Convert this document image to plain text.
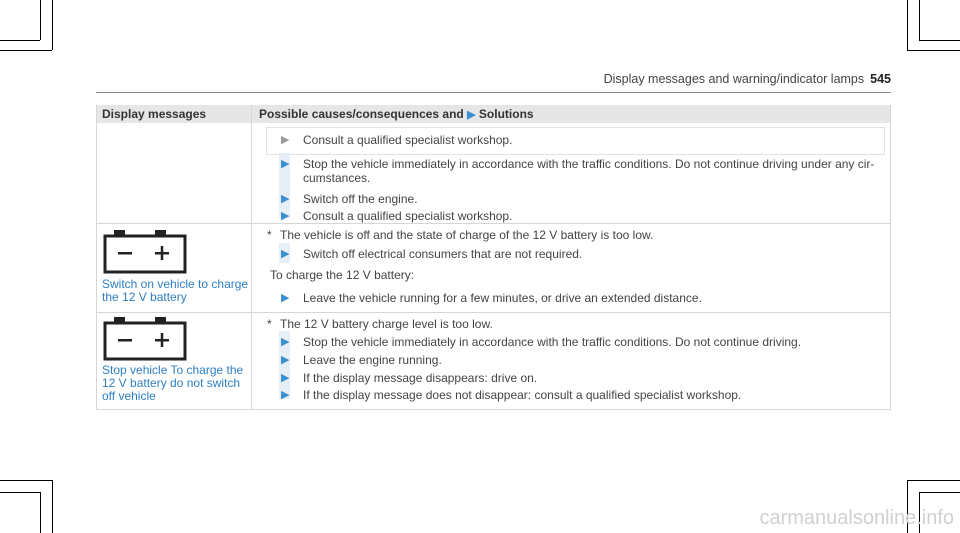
Display messages and warning/indicator lamps 545
Display messages	Possible causes/consequences and ▶ Solutions
▶ Consult a qualified specialist workshop.
▶ Stop the vehicle immediately in accordance with the traffic conditions. Do not continue driving under any cir-
cumstances.
▶ Switch off the engine.
▶ Consult a qualified specialist workshop.
Switch on vehicle to charge the 12 V battery
* The vehicle is off and the state of charge of the 12 V battery is too low.
▶ Switch off electrical consumers that are not required.
To charge the 12 V battery:
▶ Leave the vehicle running for a few minutes, or drive an extended distance.
Stop vehicle To charge the 12 V battery do not switch off vehicle
* The 12 V battery charge level is too low.
▶ Stop the vehicle immediately in accordance with the traffic conditions. Do not continue driving.
▶ Leave the engine running.
▶ If the display message disappears: drive on.
▶ If the display message does not disappear: consult a qualified specialist workshop.
carmanualsonline.info
